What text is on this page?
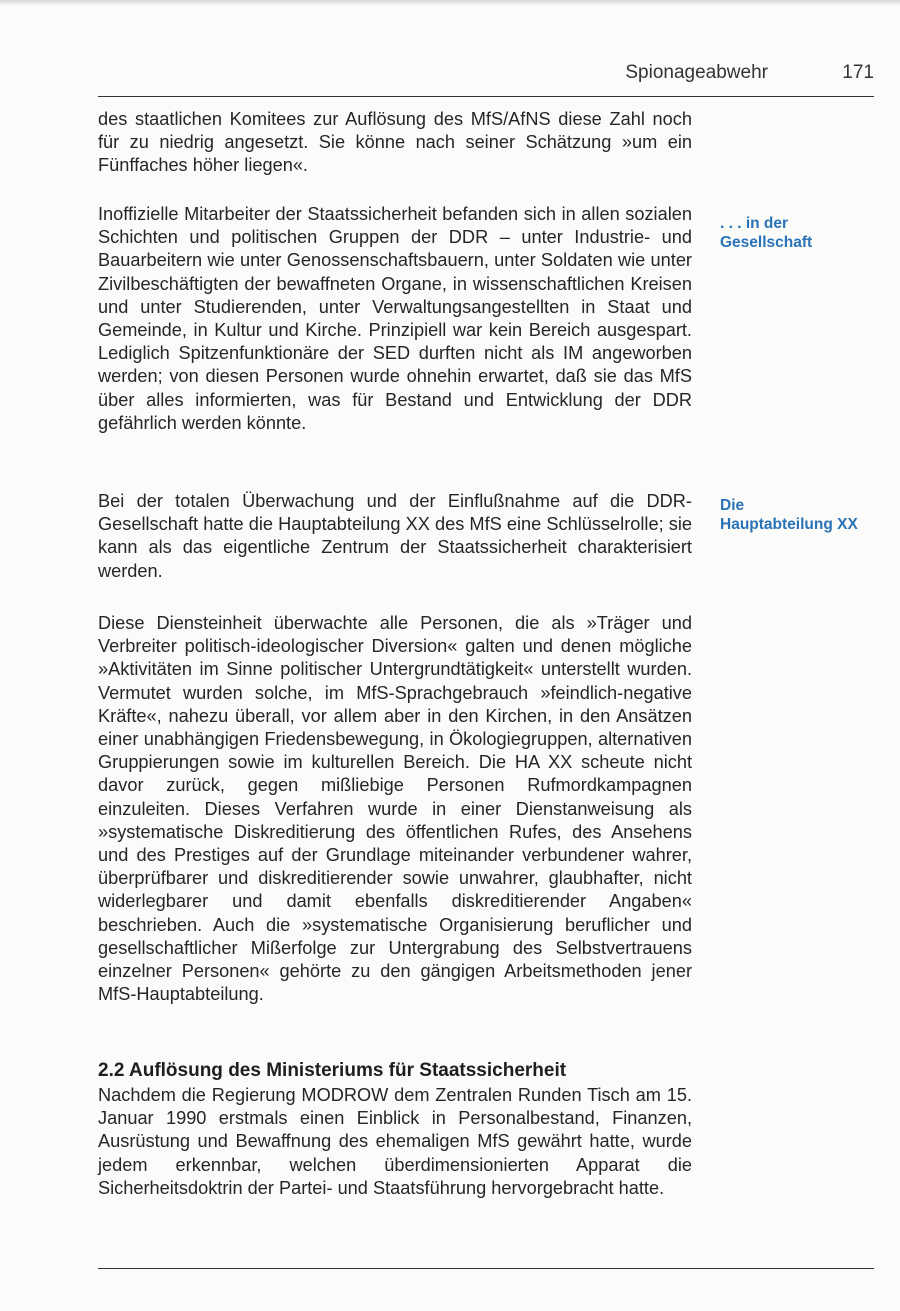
Spionageabwehr	171

des staatlichen Komitees zur Auflösung des MfS/AfNS diese Zahl noch für zu niedrig angesetzt. Sie könne nach seiner Schätzung »um ein Fünffaches höher liegen«.

Inoffizielle Mitarbeiter der Staatssicherheit befanden sich in allen sozialen Schichten und politischen Gruppen der DDR – unter Industrie- und Bauarbeitern wie unter Genossenschaftsbauern, unter Soldaten wie unter Zivilbeschäftigten der bewaffneten Organe, in wissenschaftlichen Kreisen und unter Studierenden, unter Verwaltungsangestellten in Staat und Gemeinde, in Kultur und Kirche. Prinzipiell war kein Bereich ausgespart. Lediglich Spitzenfunktionäre der SED durften nicht als IM angeworben werden; von diesen Personen wurde ohnehin erwartet, daß sie das MfS über alles informierten, was für Bestand und Entwicklung der DDR gefährlich werden könnte.

Bei der totalen Überwachung und der Einflußnahme auf die DDR-Gesellschaft hatte die Hauptabteilung XX des MfS eine Schlüsselrolle; sie kann als das eigentliche Zentrum der Staatssicherheit charakterisiert werden.

Diese Diensteinheit überwachte alle Personen, die als »Träger und Verbreiter politisch-ideologischer Diversion« galten und denen mögliche »Aktivitäten im Sinne politischer Untergrundtätigkeit« unterstellt wurden. Vermutet wurden solche, im MfS-Sprachgebrauch »feindlich-negative Kräfte«, nahezu überall, vor allem aber in den Kirchen, in den Ansätzen einer unabhängigen Friedensbewegung, in Ökologiegruppen, alternativen Gruppierungen sowie im kulturellen Bereich. Die HA XX scheute nicht davor zurück, gegen mißliebige Personen Rufmordkampagnen einzuleiten. Dieses Verfahren wurde in einer Dienstanweisung als »systematische Diskreditierung des öffentlichen Rufes, des Ansehens und des Prestiges auf der Grundlage miteinander verbundener wahrer, überprüfbarer und diskreditierender sowie unwahrer, glaubhafter, nicht widerlegbarer und damit ebenfalls diskreditierender Angaben« beschrieben. Auch die »systematische Organisierung beruflicher und gesellschaftlicher Mißerfolge zur Untergrabung des Selbstvertrauens einzelner Personen« gehörte zu den gängigen Arbeitsmethoden jener MfS-Hauptabteilung.

. . . in der Gesellschaft

Die Hauptabteilung XX

2.2 Auflösung des Ministeriums für Staatssicherheit

Nachdem die Regierung MODROW dem Zentralen Runden Tisch am 15. Januar 1990 erstmals einen Einblick in Personalbestand, Finanzen, Ausrüstung und Bewaffnung des ehemaligen MfS gewährt hatte, wurde jedem erkennbar, welchen überdimensionierten Apparat die Sicherheitsdoktrin der Partei- und Staatsführung hervorgebracht hatte.
